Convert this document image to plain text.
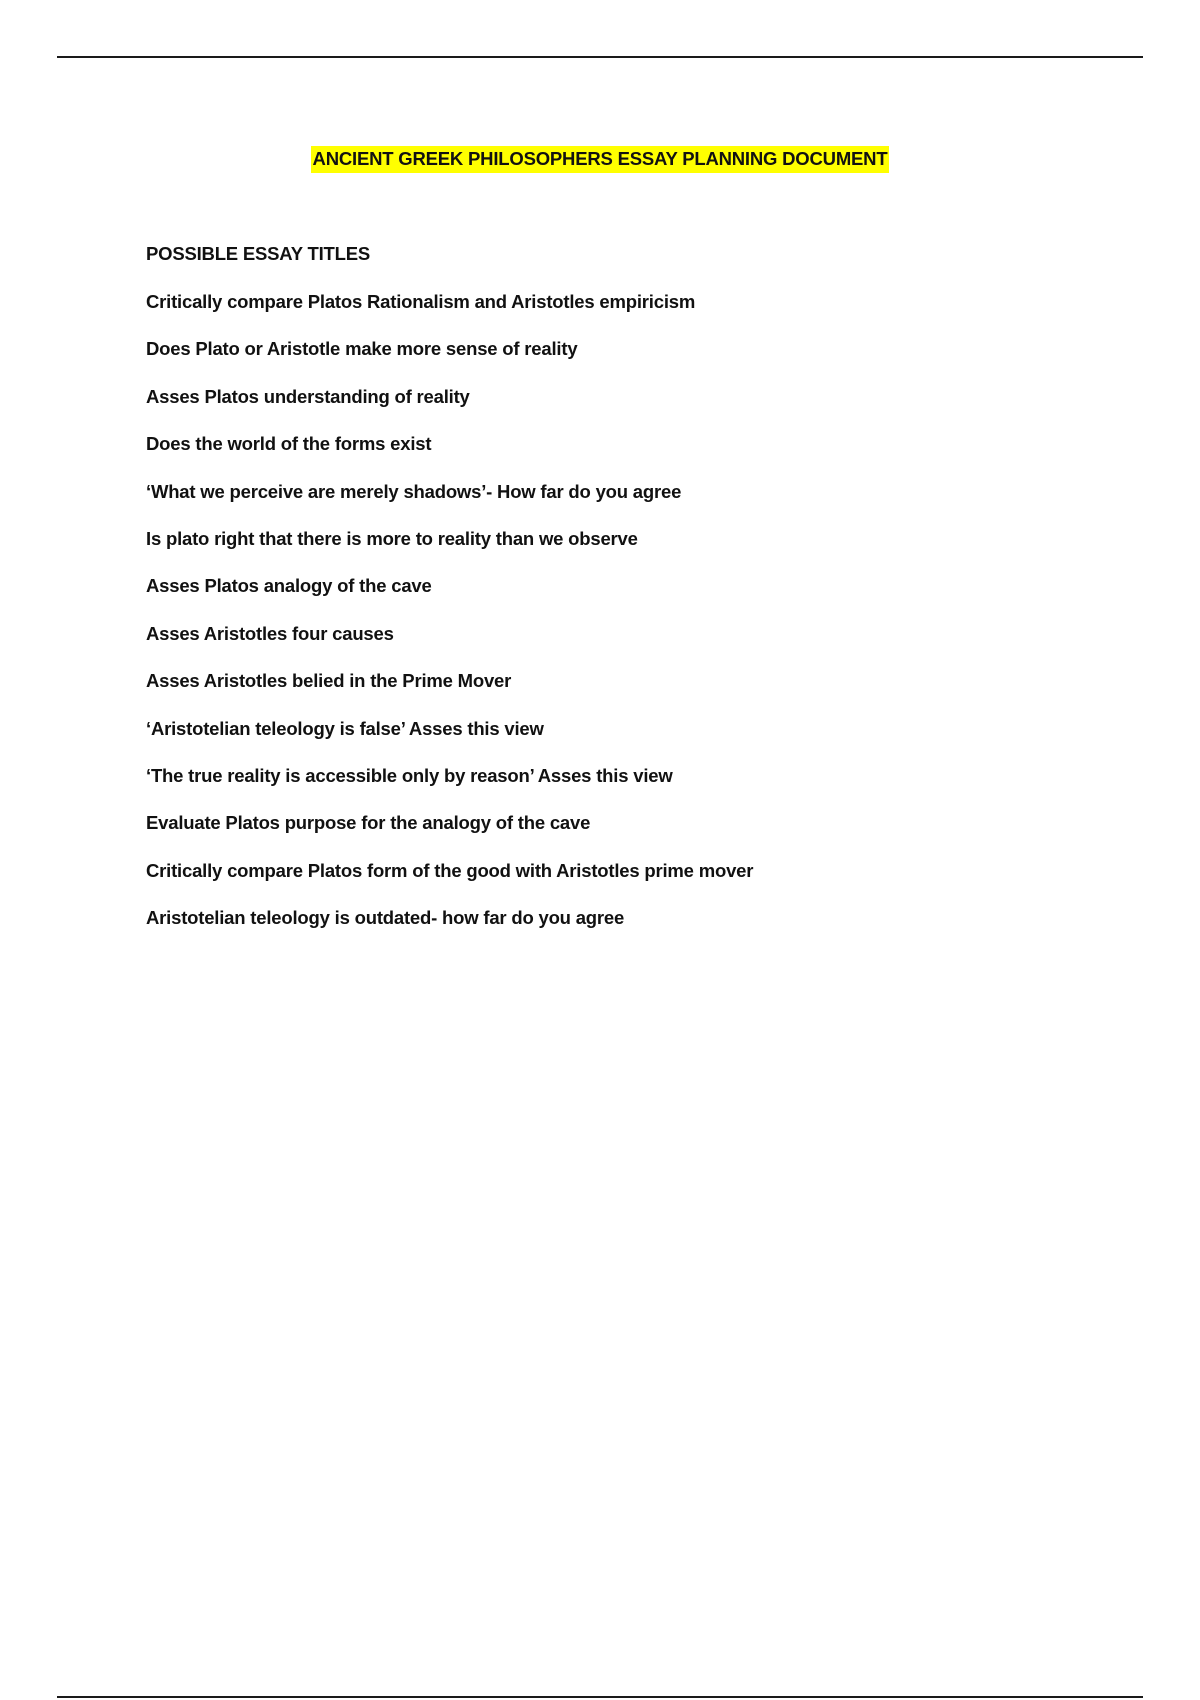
ANCIENT GREEK PHILOSOPHERS ESSAY PLANNING DOCUMENT
POSSIBLE ESSAY TITLES
Critically compare Platos Rationalism and Aristotles empiricism
Does Plato or Aristotle make more sense of reality
Asses Platos understanding of reality
Does the world of the forms exist
‘What we perceive are merely shadows’- How far do you agree
Is plato right that there is more to reality than we observe
Asses Platos analogy of the cave
Asses Aristotles four causes
Asses Aristotles belied in the Prime Mover
‘Aristotelian teleology is false’ Asses this view
‘The true reality is accessible only by reason’ Asses this view
Evaluate Platos purpose for the analogy of the cave
Critically compare Platos form of the good with Aristotles prime mover
Aristotelian teleology is outdated- how far do you agree
